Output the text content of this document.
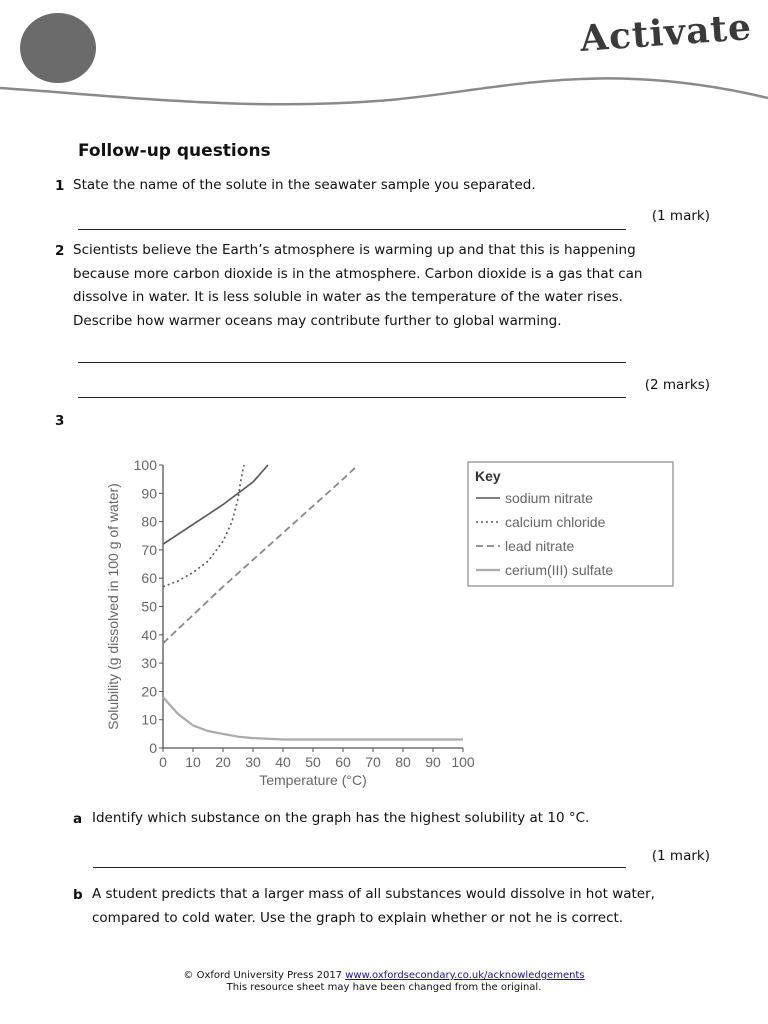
Activate
Follow-up questions
1 State the name of the solute in the seawater sample you separated.
(1 mark)
2 Scientists believe the Earth’s atmosphere is warming up and that this is happening
because more carbon dioxide is in the atmosphere. Carbon dioxide is a gas that can
dissolve in water. It is less soluble in water as the temperature of the water rises.
Describe how warmer oceans may contribute further to global warming.
(2 marks)
3
0 10 20 30 40 50 60 70 80 90 100
0
10
20
30
40
50
60
70
80
90
100
Solubility (g dissolved in 100 g of water)
Temperature (°C)
Key
sodium nitrate
calcium chloride
lead nitrate
cerium(III) sulfate
a Identify which substance on the graph has the highest solubility at 10 °C.
(1 mark)
b A student predicts that a larger mass of all substances would dissolve in hot water,
compared to cold water. Use the graph to explain whether or not he is correct.
© Oxford University Press 2017 www.oxfordsecondary.co.uk/acknowledgements
This resource sheet may have been changed from the original.
